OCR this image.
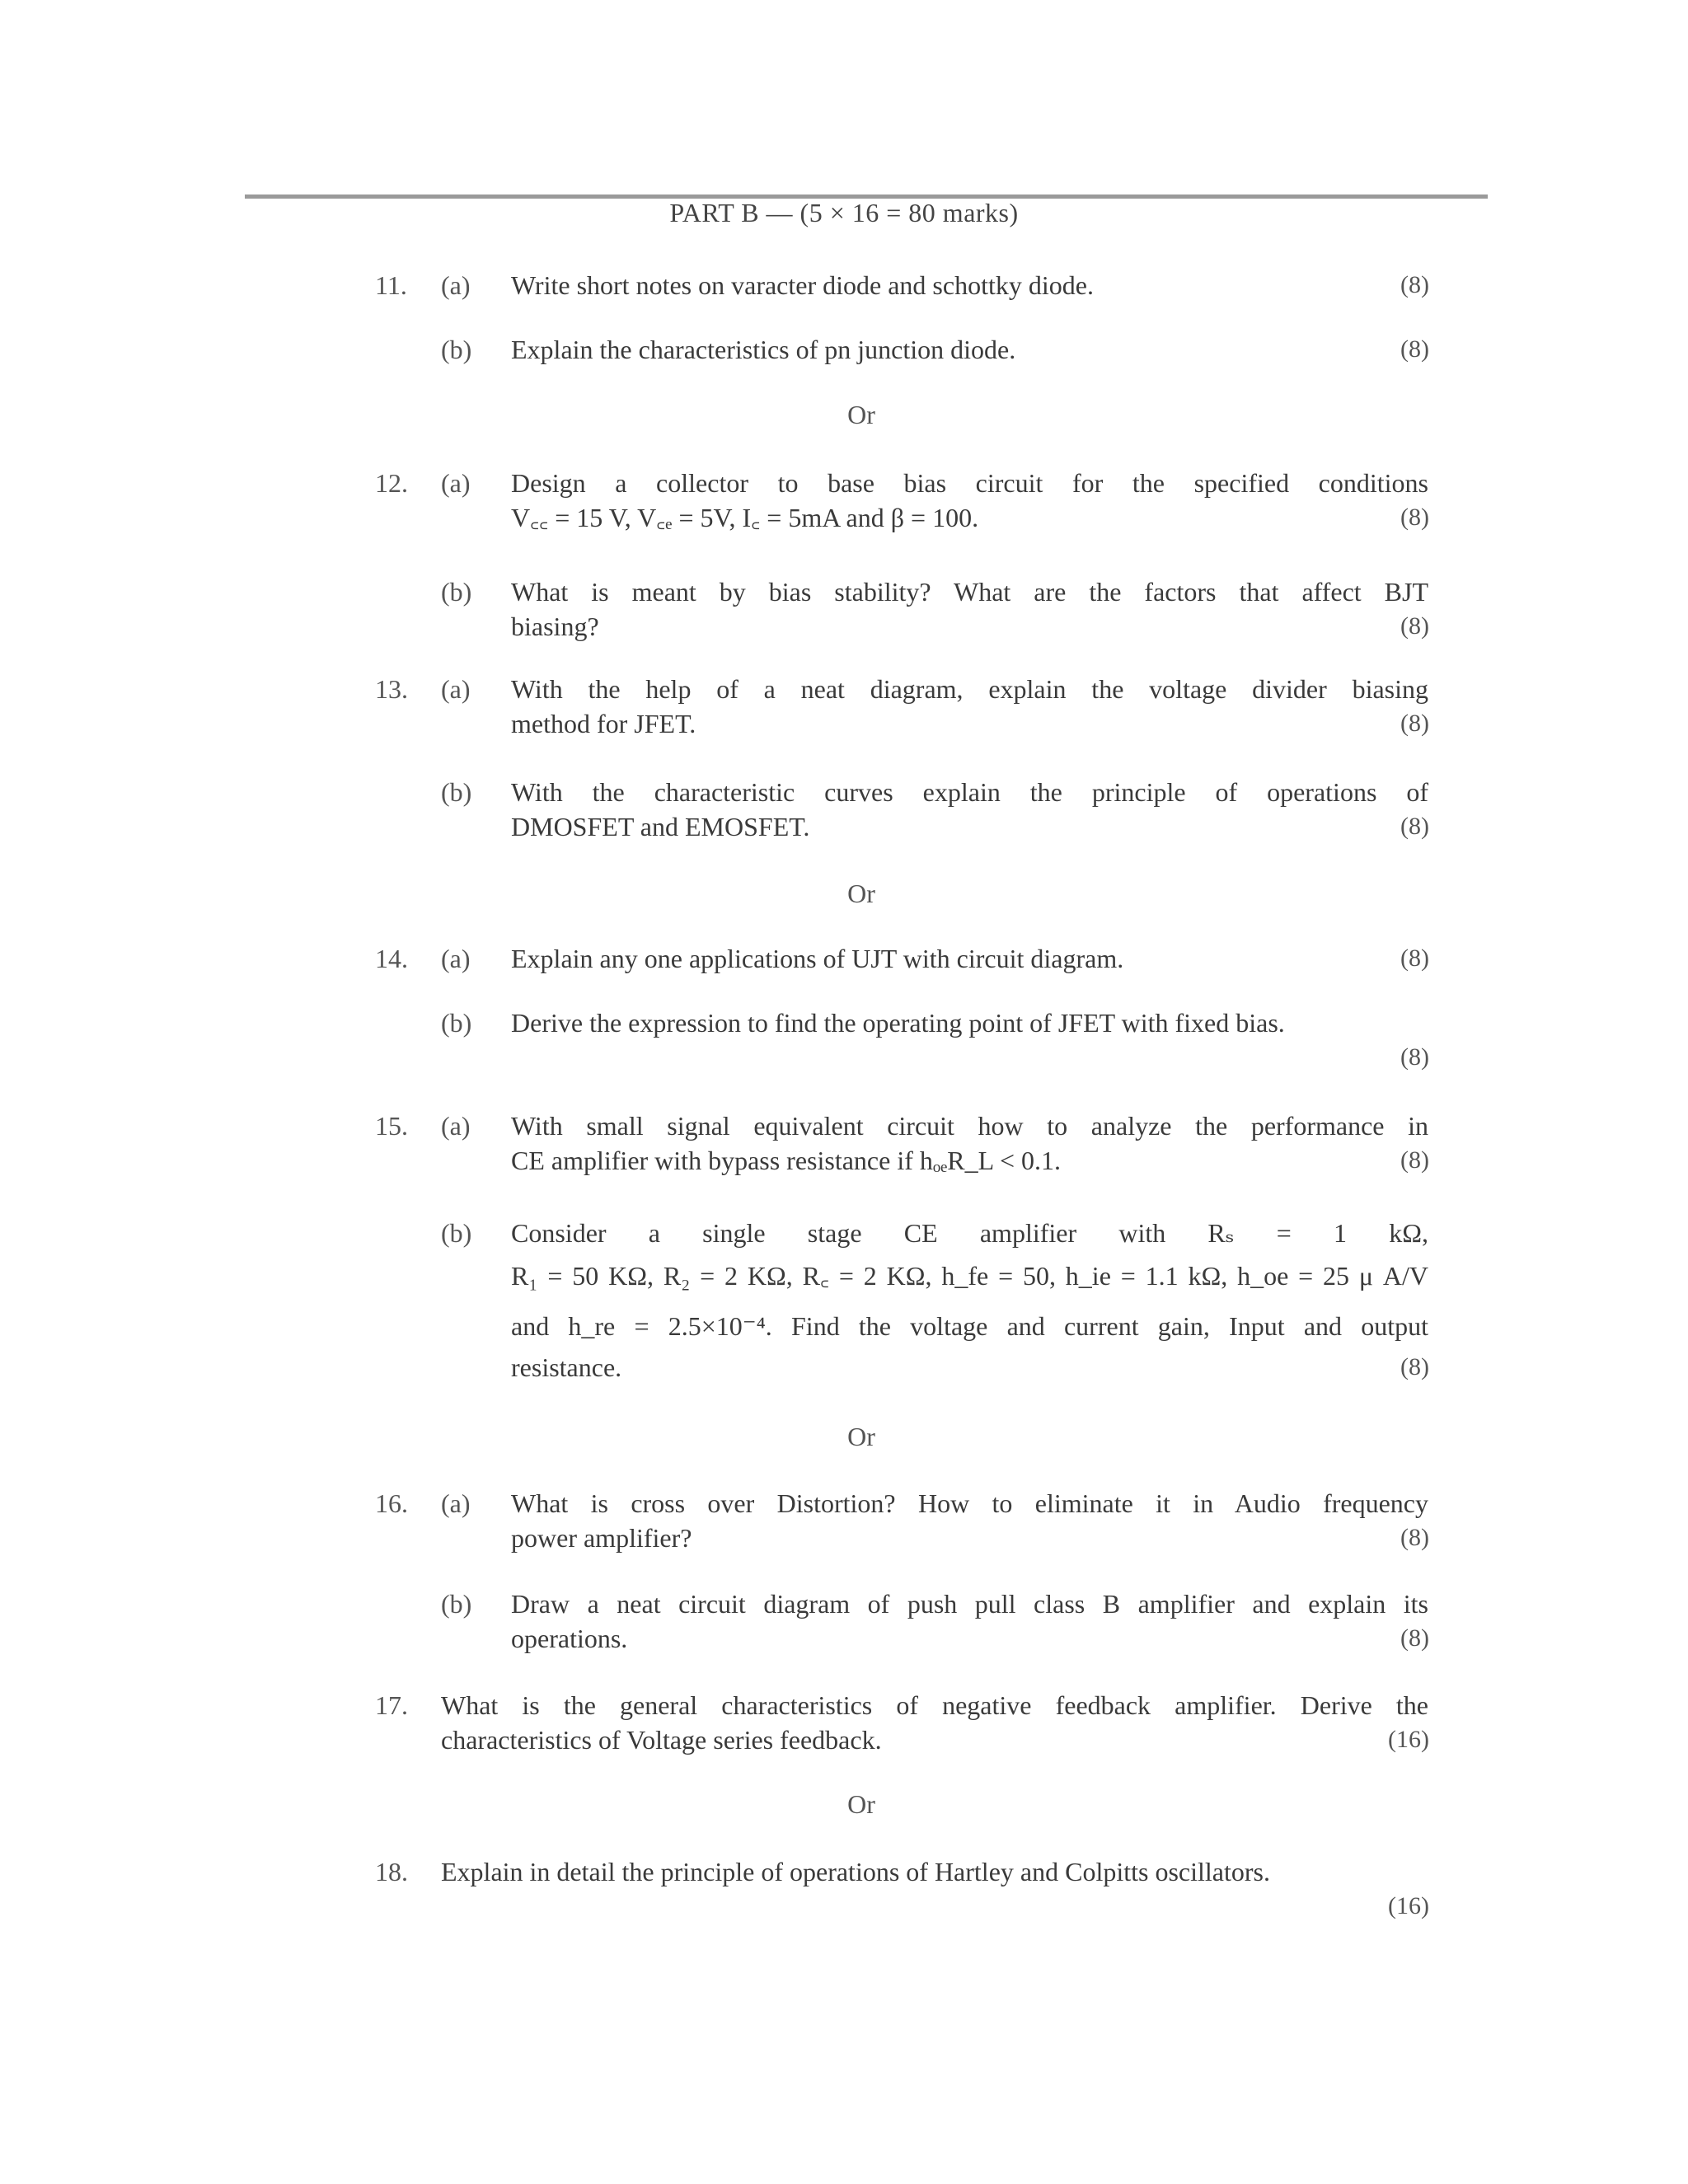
PART B — (5 × 16 = 80 marks)
11. (a) Write short notes on varacter diode and schottky diode.	(8)
(b) Explain the characteristics of pn junction diode.	(8)
Or
12. (a) Design a collector to base bias circuit for the specified conditions
V꜀꜀ = 15 V, V꜀ₑ = 5V, I꜀ = 5mA and β = 100.	(8)
(b) What is meant by bias stability? What are the factors that affect BJT
biasing?	(8)
13. (a) With the help of a neat diagram, explain the voltage divider biasing
method for JFET.	(8)
(b) With the characteristic curves explain the principle of operations of
DMOSFET and EMOSFET.	(8)
Or
14. (a) Explain any one applications of UJT with circuit diagram.	(8)
(b) Derive the expression to find the operating point of JFET with fixed bias.
(8)
15. (a) With small signal equivalent circuit how to analyze the performance in
CE amplifier with bypass resistance if hₒₑR_L < 0.1.	(8)
(b) Consider a single stage CE amplifier with Rₛ = 1 kΩ,
R₁ = 50 KΩ, R₂ = 2 KΩ, R꜀ = 2 KΩ, h_fe = 50, h_ie = 1.1 kΩ, h_oe = 25 μ A/V
and h_re = 2.5×10⁻⁴. Find the voltage and current gain, Input and output
resistance.	(8)
Or
16. (a) What is cross over Distortion? How to eliminate it in Audio frequency
power amplifier?	(8)
(b) Draw a neat circuit diagram of push pull class B amplifier and explain its
operations.	(8)
17. What is the general characteristics of negative feedback amplifier. Derive the
characteristics of Voltage series feedback.	(16)
Or
18. Explain in detail the principle of operations of Hartley and Colpitts oscillators.
(16)
